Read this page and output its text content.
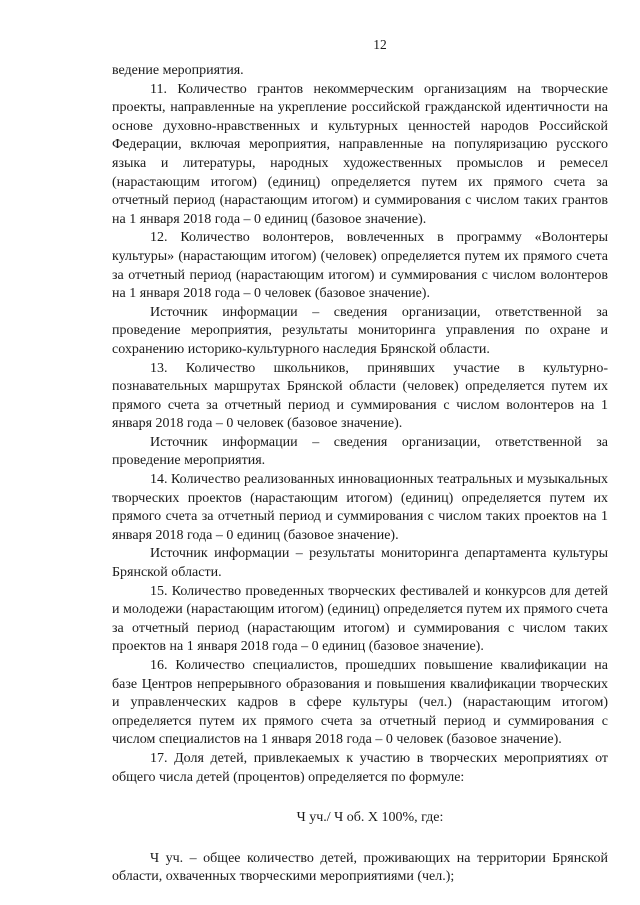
12

ведение мероприятия.

11. Количество грантов некоммерческим организациям на творческие проекты, направленные на укрепление российской гражданской идентичности на основе духовно-нравственных и культурных ценностей народов Российской Федерации, включая мероприятия, направленные на популяризацию русского языка и литературы, народных художественных промыслов и ремесел (нарастающим итогом) (единиц) определяется путем их прямого счета за отчетный период (нарастающим итогом) и суммирования с числом таких грантов на 1 января 2018 года – 0 единиц (базовое значение).

12. Количество волонтеров, вовлеченных в программу «Волонтеры культуры» (нарастающим итогом) (человек) определяется путем их прямого счета за отчетный период (нарастающим итогом) и суммирования с числом волонтеров на 1 января 2018 года – 0 человек (базовое значение).

Источник информации – сведения организации, ответственной за проведение мероприятия, результаты мониторинга управления по охране и сохранению историко-культурного наследия Брянской области.

13. Количество школьников, принявших участие в культурно-познавательных маршрутах Брянской области (человек) определяется путем их прямого счета за отчетный период и суммирования с числом волонтеров на 1 января 2018 года – 0 человек (базовое значение).

Источник информации – сведения организации, ответственной за проведение мероприятия.

14. Количество реализованных инновационных театральных и музыкальных творческих проектов (нарастающим итогом) (единиц) определяется путем их прямого счета за отчетный период и суммирования с числом таких проектов на 1 января 2018 года – 0 единиц (базовое значение).

Источник информации – результаты мониторинга департамента культуры Брянской области.

15. Количество проведенных творческих фестивалей и конкурсов для детей и молодежи (нарастающим итогом) (единиц) определяется путем их прямого счета за отчетный период (нарастающим итогом) и суммирования с числом таких проектов на 1 января 2018 года – 0 единиц (базовое значение).

16. Количество специалистов, прошедших повышение квалификации на базе Центров непрерывного образования и повышения квалификации творческих и управленческих кадров в сфере культуры (чел.) (нарастающим итогом) определяется путем их прямого счета за отчетный период и суммирования с числом специалистов на 1 января 2018 года – 0 человек (базовое значение).

17. Доля детей, привлекаемых к участию в творческих мероприятиях от общего числа детей (процентов) определяется по формуле:

Ч уч./ Ч об. Х 100%, где:

Ч уч. – общее количество детей, проживающих на территории Брянской области, охваченных творческими мероприятиями (чел.);
